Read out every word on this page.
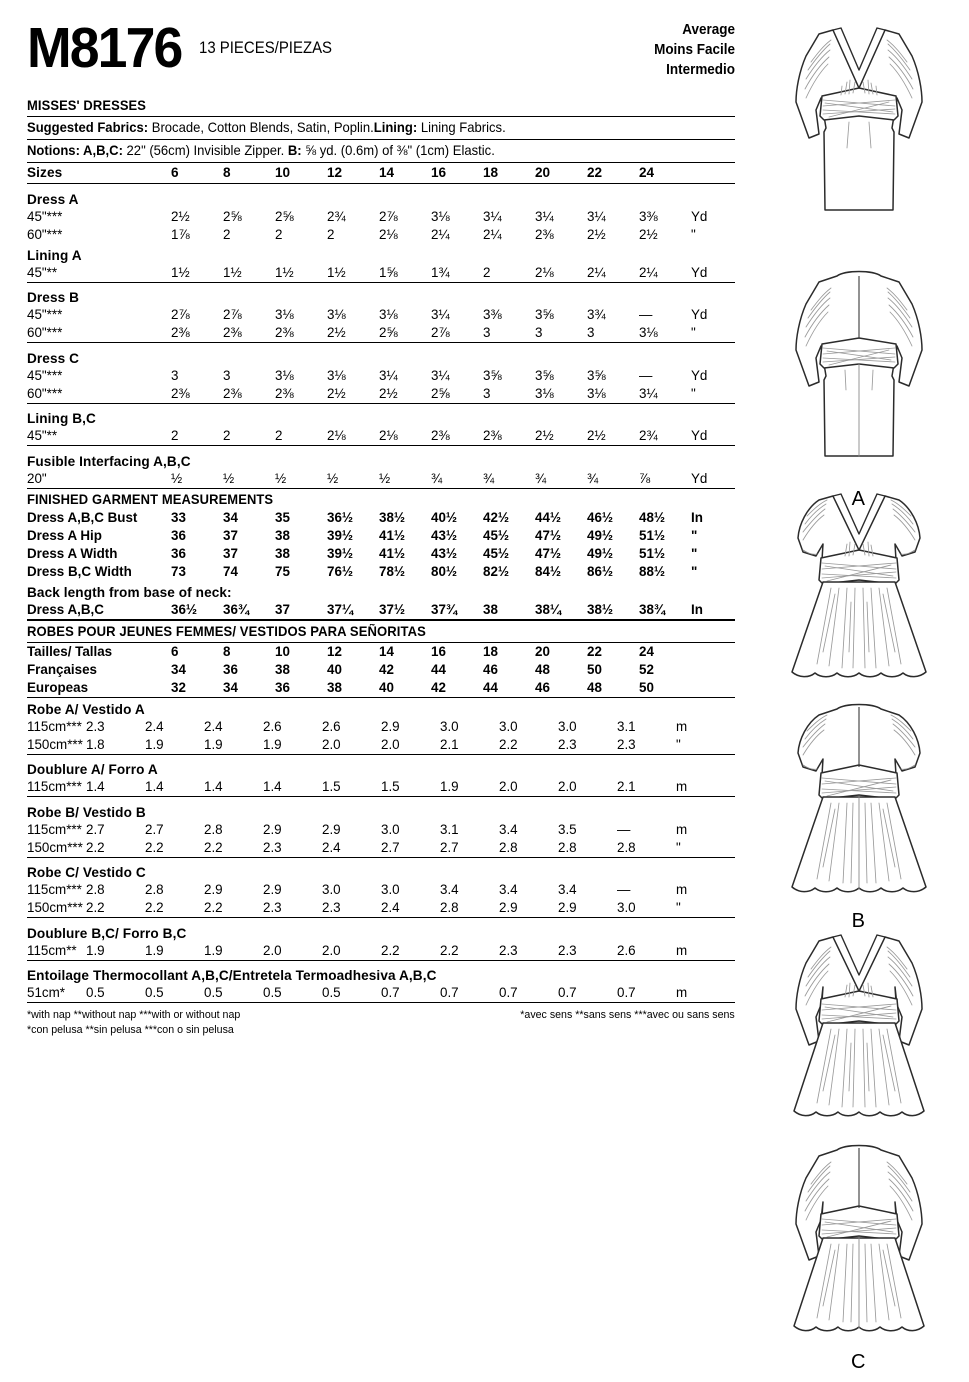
M8176 13 PIECES/PIEZAS
Average
Moins Facile
Intermedio
MISSES' DRESSES
Suggested Fabrics: Brocade, Cotton Blends, Satin, Poplin.Lining: Lining Fabrics.
Notions: A,B,C: 22" (56cm) Invisible Zipper. B: ⅝ yd. (0.6m) of ⅜" (1cm) Elastic.
Sizes	6	8	10	12	14	16	18	20	22	24	

Dress A											
45"***	2½	2⅝	2⅝	2¾	2⅞	3⅛	3¼	3¼	3¼	3⅜	Yd
60"***	1⅞	2	2	2	2⅛	2¼	2¼	2⅜	2½	2½	"
Lining A											
45"**	1½	1½	1½	1½	1⅝	1¾	2	2⅛	2¼	2¼	Yd

Dress B											
45"***	2⅞	2⅞	3⅛	3⅛	3⅛	3¼	3⅜	3⅝	3¾	—	Yd
60"***	2⅜	2⅜	2⅜	2½	2⅝	2⅞	3	3	3	3⅛	"

Dress C											
45"***	3	3	3⅛	3⅛	3¼	3¼	3⅝	3⅝	3⅝	—	Yd
60"***	2⅜	2⅜	2⅜	2½	2½	2⅝	3	3⅛	3⅛	3¼	"

Lining B,C											
45"**	2	2	2	2⅛	2⅛	2⅜	2⅜	2½	2½	2¾	Yd

Fusible Interfacing A,B,C											
20"	½	½	½	½	½	¾	¾	¾	¾	⅞	Yd
FINISHED GARMENT MEASUREMENTS
Dress A,B,C Bust	33	34	35	36½	38½	40½	42½	44½	46½	48½	In
Dress A Hip	36	37	38	39½	41½	43½	45½	47½	49½	51½	"
Dress A Width	36	37	38	39½	41½	43½	45½	47½	49½	51½	"
Dress B,C Width	73	74	75	76½	78½	80½	82½	84½	86½	88½	"
Back length from base of neck:											
Dress A,B,C	36½	36¾	37	37¼	37½	37¾	38	38¼	38½	38¾	In
ROBES POUR JEUNES FEMMES/ VESTIDOS PARA SEÑORITAS
Tailles/ Tallas	6	8	10	12	14	16	18	20	22	24	
Françaises	34	36	38	40	42	44	46	48	50	52	
Europeas	32	34	36	38	40	42	44	46	48	50	
Robe A/ Vestido A											
115cm***	2.3	2.4	2.4	2.6	2.6	2.9	3.0	3.0	3.0	3.1	m
150cm***	1.8	1.9	1.9	1.9	2.0	2.0	2.1	2.2	2.3	2.3	"

Doublure A/ Forro A											
115cm***	1.4	1.4	1.4	1.4	1.5	1.5	1.9	2.0	2.0	2.1	m

Robe B/ Vestido B											
115cm***	2.7	2.7	2.8	2.9	2.9	3.0	3.1	3.4	3.5	—	m
150cm***	2.2	2.2	2.2	2.3	2.4	2.7	2.7	2.8	2.8	2.8	"

Robe C/ Vestido C											
115cm***	2.8	2.8	2.9	2.9	3.0	3.0	3.4	3.4	3.4	—	m
150cm***	2.2	2.2	2.2	2.3	2.3	2.4	2.8	2.9	2.9	3.0	"

Doublure B,C/ Forro B,C											
115cm**	1.9	1.9	1.9	2.0	2.0	2.2	2.2	2.3	2.3	2.6	m

Entoilage Thermocollant A,B,C/Entretela Termoadhesiva A,B,C											
51cm*	0.5	0.5	0.5	0.5	0.5	0.7	0.7	0.7	0.7	0.7	m
*with nap **without nap ***with or without nap
*con pelusa **sin pelusa ***con o sin pelusa
*avec sens **sans sens ***avec ou sans sens
A
B
C
